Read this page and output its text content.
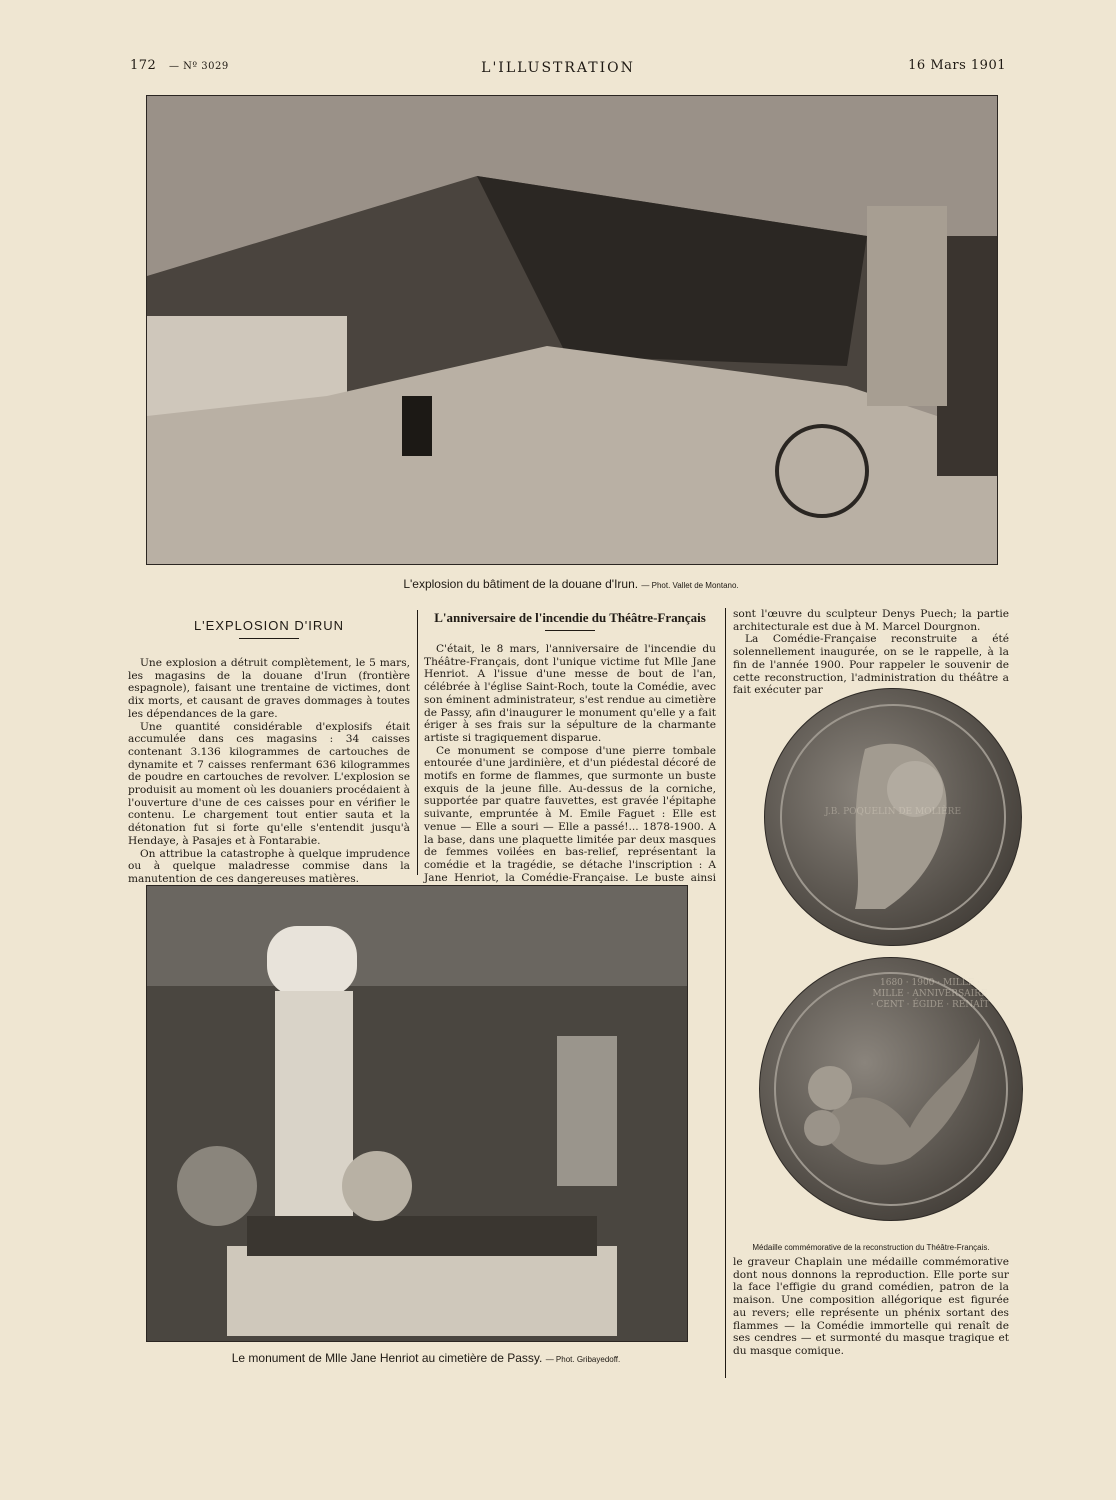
172 — Nº 3029	L'ILLUSTRATION	16 Mars 1901
L'explosion du bâtiment de la douane d'Irun. — Phot. Vallet de Montano.
L'EXPLOSION D'IRUN

Une explosion a détruit complètement, le 5 mars, les magasins de la douane d'Irun (frontière espagnole), faisant une trentaine de victimes, dont dix morts, et causant de graves dommages à toutes les dépendances de la gare.

Une quantité considérable d'explosifs était accumulée dans ces magasins : 34 caisses contenant 3.136 kilogrammes de cartouches de dynamite et 7 caisses renfermant 636 kilogrammes de poudre en cartouches de revolver. L'explosion se produisit au moment où les douaniers procédaient à l'ouverture d'une de ces caisses pour en vérifier le contenu. Le chargement tout entier sauta et la détonation fut si forte qu'elle s'entendit jusqu'à Hendaye, à Pasajes et à Fontarabie.

On attribue la catastrophe à quelque imprudence ou à quelque maladresse commise dans la manutention de ces dangereuses matières.

L'anniversaire de l'incendie du Théâtre-Français

C'était, le 8 mars, l'anniversaire de l'incendie du Théâtre-Français, dont l'unique victime fut Mlle Jane Henriot. A l'issue d'une messe de bout de l'an, célébrée à l'église Saint-Roch, toute la Comédie, avec son éminent administrateur, s'est rendue au cimetière de Passy, afin d'inaugurer le monument qu'elle y a fait ériger à ses frais sur la sépulture de la charmante artiste si tragiquement disparue.

Ce monument se compose d'une pierre tombale entourée d'une jardinière, et d'un piédestal décoré de motifs en forme de flammes, que surmonte un buste exquis de la jeune fille. Au-dessus de la corniche, supportée par quatre fauvettes, est gravée l'épitaphe suivante, empruntée à M. Emile Faguet : Elle est venue — Elle a souri — Elle a passé!... 1878-1900. A la base, dans une plaquette limitée par deux masques de femmes voilées en bas-relief, représentant la comédie et la tragédie, se détache l'inscription : A Jane Henriot, la Comédie-Française. Le buste ainsi

sont l'œuvre du sculpteur Denys Puech; la partie architecturale est due à M. Marcel Dourgnon.

La Comédie-Française reconstruite a été solennellement inaugurée, on se le rappelle, à la fin de l'année 1900. Pour rappeler le souvenir de cette reconstruction, l'administration du théâtre a fait exécuter par

J.B. POQUELIN DE MOLIÈRE
1680 · 1900 · MILLE · MILLE · ANNIVERSAIRE · CENT · ÉGIDE · RENAÎT
Médaille commémorative de la reconstruction du Théâtre-Français.

le graveur Chaplain une médaille commémorative dont nous donnons la reproduction. Elle porte sur la face l'effigie du grand comédien, patron de la maison. Une composition allégorique est figurée au revers; elle représente un phénix sortant des flammes — la Comédie immortelle qui renaît de ses cendres — et surmonté du masque tragique et du masque comique.

Le monument de Mlle Jane Henriot au cimetière de Passy. — Phot. Gribayedoff.
